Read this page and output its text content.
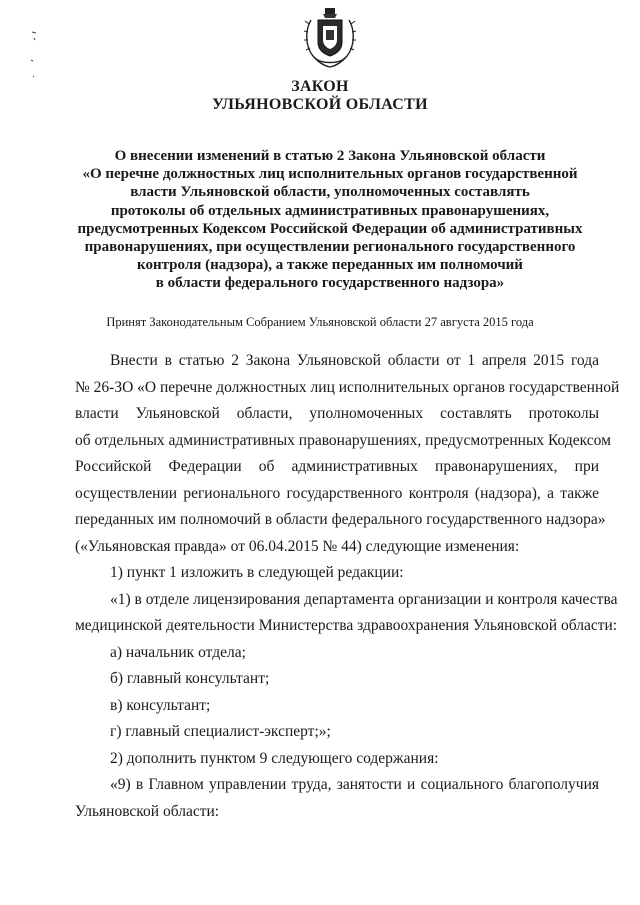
ЗАКОН
УЛЬЯНОВСКОЙ ОБЛАСТИ
О внесении изменений в статью 2 Закона Ульяновской области
«О перечне должностных лиц исполнительных органов государственной
власти Ульяновской области, уполномоченных составлять
протоколы об отдельных административных правонарушениях,
предусмотренных Кодексом Российской Федерации об административных
правонарушениях, при осуществлении регионального государственного
контроля (надзора), а также переданных им полномочий
в области федерального государственного надзора»
Принят Законодательным Собранием Ульяновской области 27 августа 2015 года
Внести в статью 2 Закона Ульяновской области от 1 апреля 2015 года
№ 26-ЗО «О перечне должностных лиц исполнительных органов государственной
власти Ульяновской области, уполномоченных составлять протоколы
об отдельных административных правонарушениях, предусмотренных Кодексом
Российской Федерации об административных правонарушениях, при
осуществлении регионального государственного контроля (надзора), а также
переданных им полномочий в области федерального государственного надзора»
(«Ульяновская правда» от 06.04.2015 № 44) следующие изменения:
1) пункт 1 изложить в следующей редакции:
«1) в отделе лицензирования департамента организации и контроля качества
медицинской деятельности Министерства здравоохранения Ульяновской области:
а) начальник отдела;
б) главный консультант;
в) консультант;
г) главный специалист-эксперт;»;
2) дополнить пунктом 9 следующего содержания:
«9) в Главном управлении труда, занятости и социального благополучия
Ульяновской области:
